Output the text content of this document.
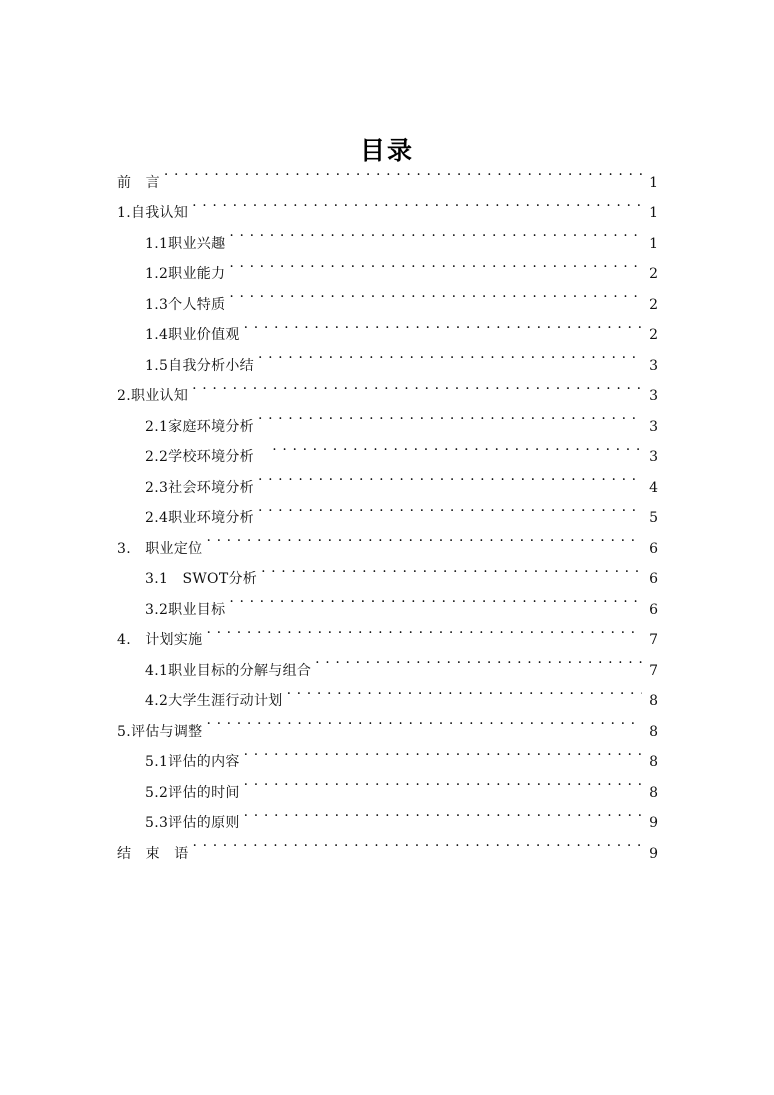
目录
前　言 . . .	1
1.自我认知 . . .	1
1.1职业兴趣 . . .	1
1.2职业能力 . . .	2
1.3个人特质 . . .	2
1.4职业价值观 . . .	2
1.5自我分析小结 . . .	3
2.职业认知 . . .	3
2.1家庭环境分析 . . .	3
2.2学校环境分析　 . . .	3
2.3社会环境分析 . . .	4
2.4职业环境分析 . . .	5
3.　职业定位 . . .	6
3.1　SWOT分析 . . .	6
3.2职业目标 . . .	6
4.　计划实施 . . .	7
4.1职业目标的分解与组合 . . .	7
4.2大学生涯行动计划 . . .	8
5.评估与调整 . . .	8
5.1评估的内容 . . .	8
5.2评估的时间 . . .	8
5.3评估的原则 . . .	9
结　束　语 . . .	9
